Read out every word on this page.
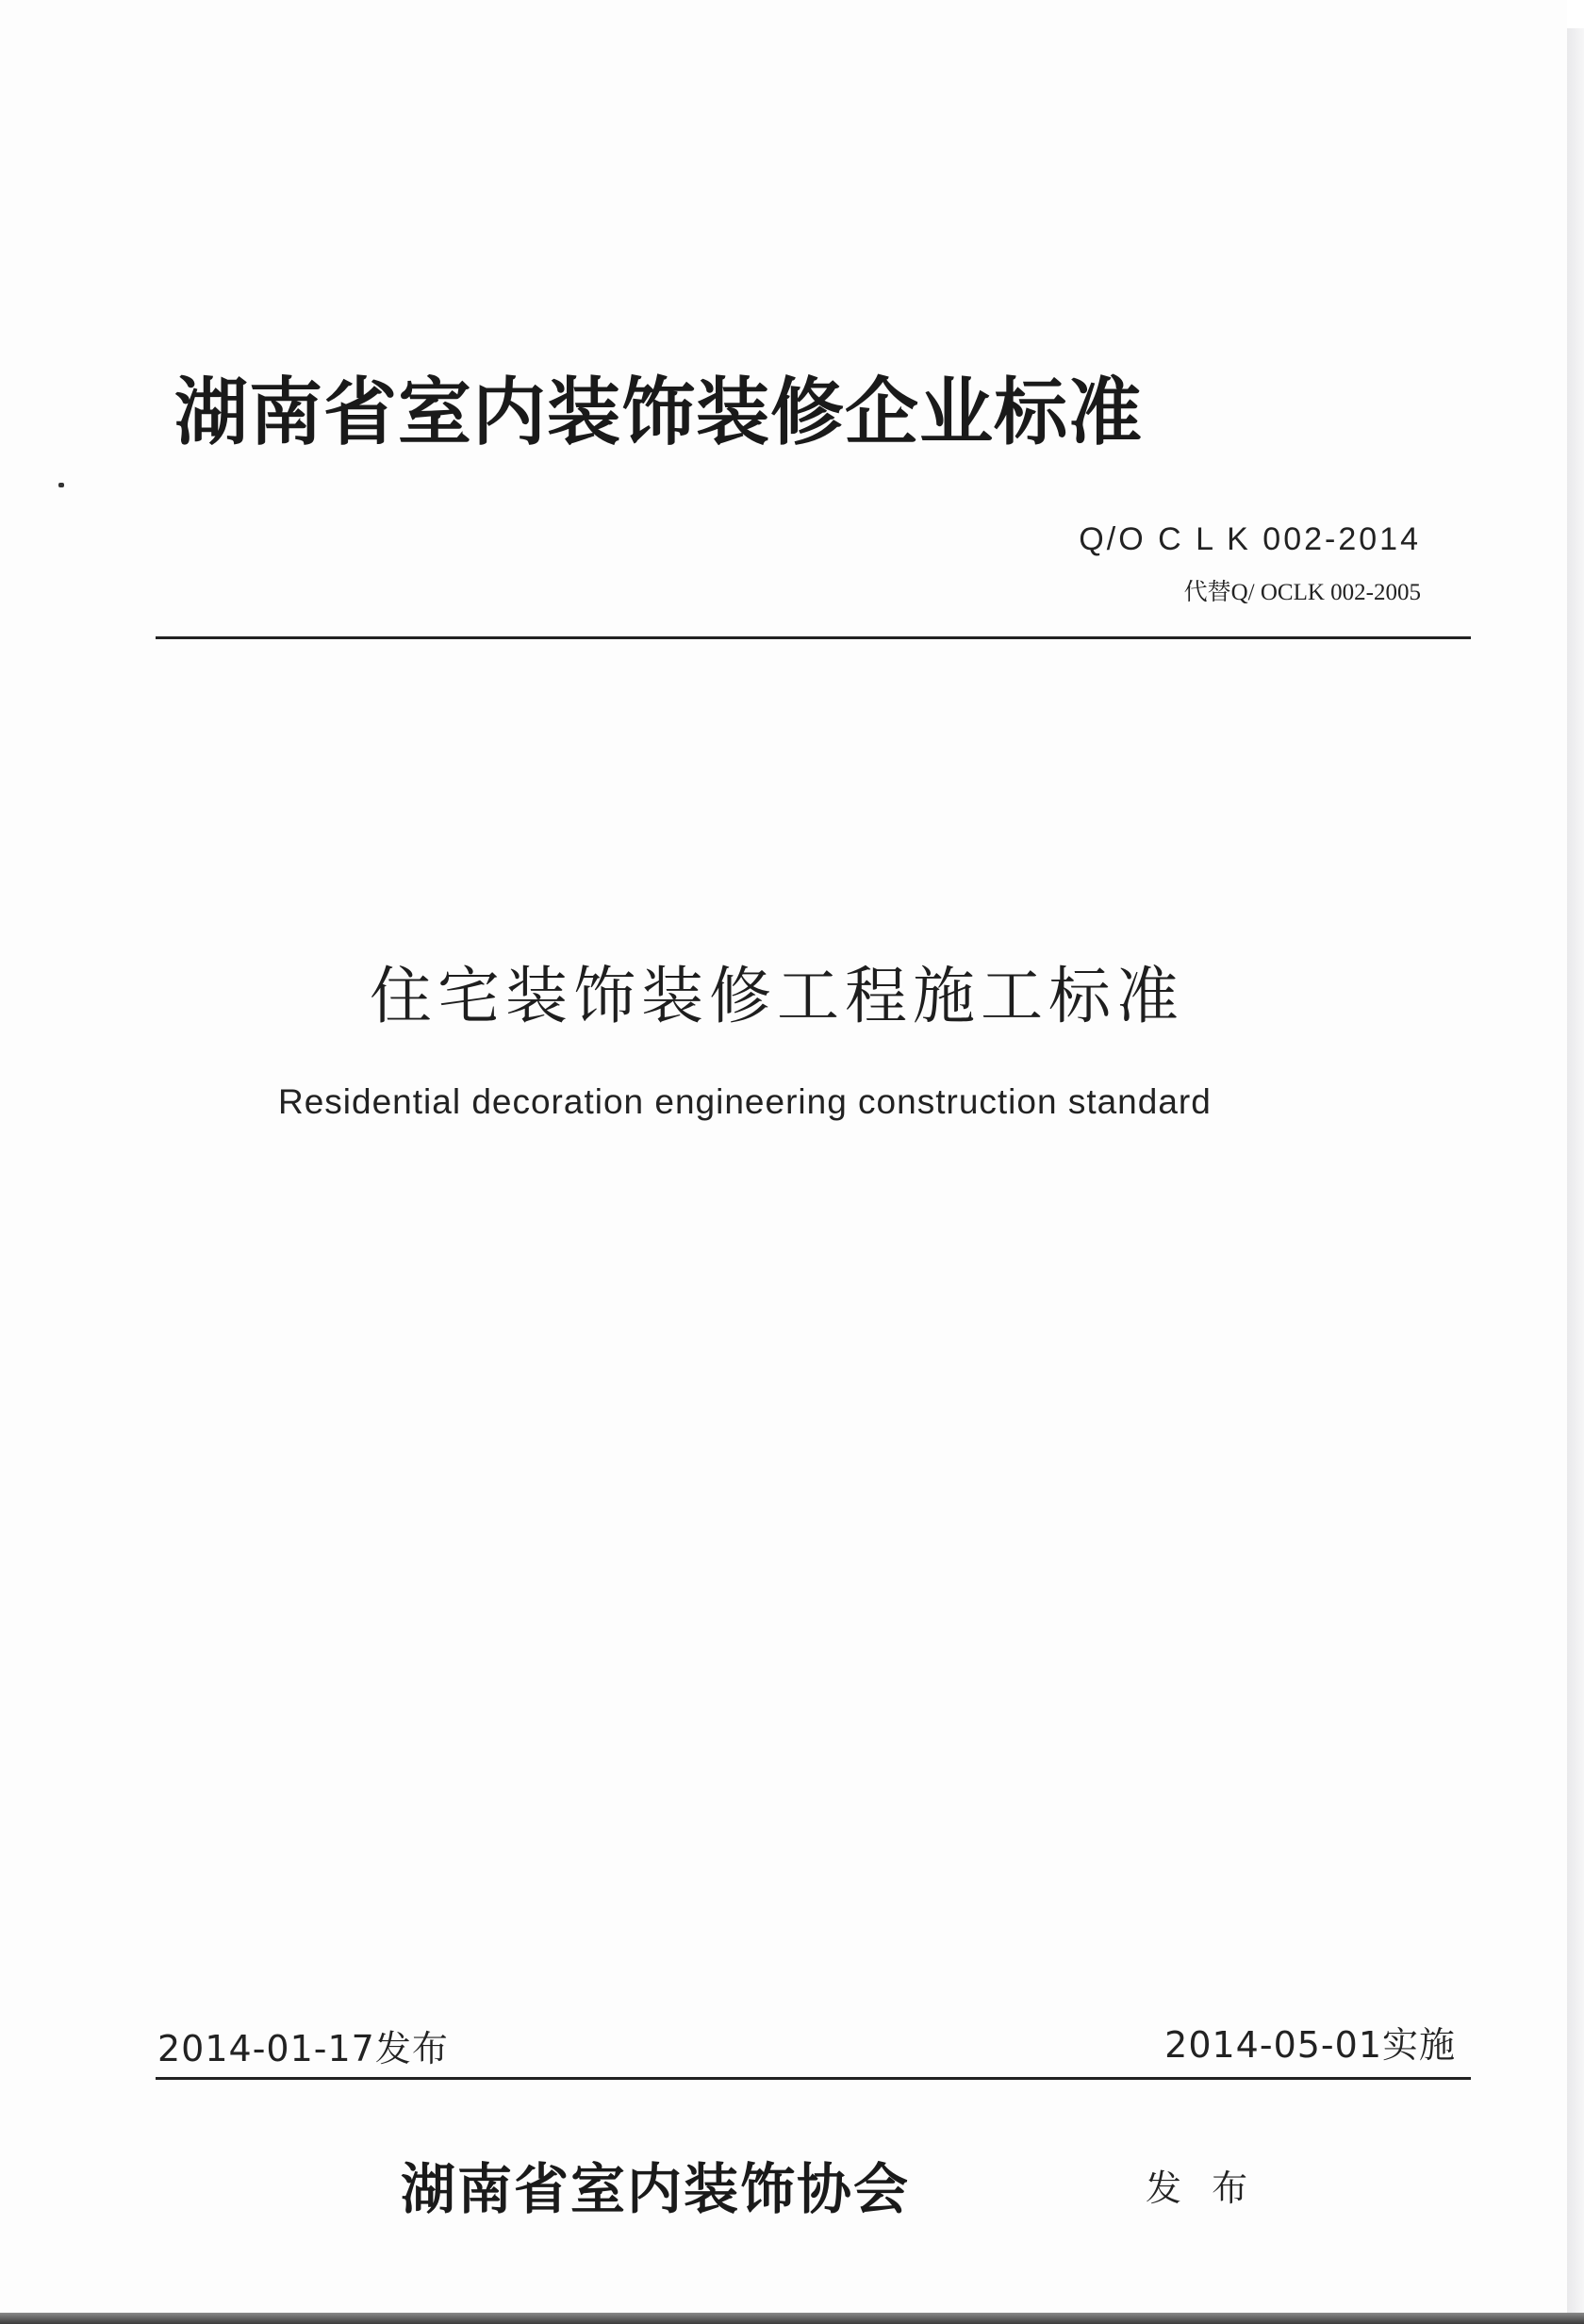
湖南省室内装饰装修企业标准
Q/O C L K 002-2014
代替Q/ OCLK 002-2005
住宅装饰装修工程施工标准
Residential decoration engineering construction standard
2014-01-17发布	2014-05-01实施
湖南省室内装饰协会	发 布
